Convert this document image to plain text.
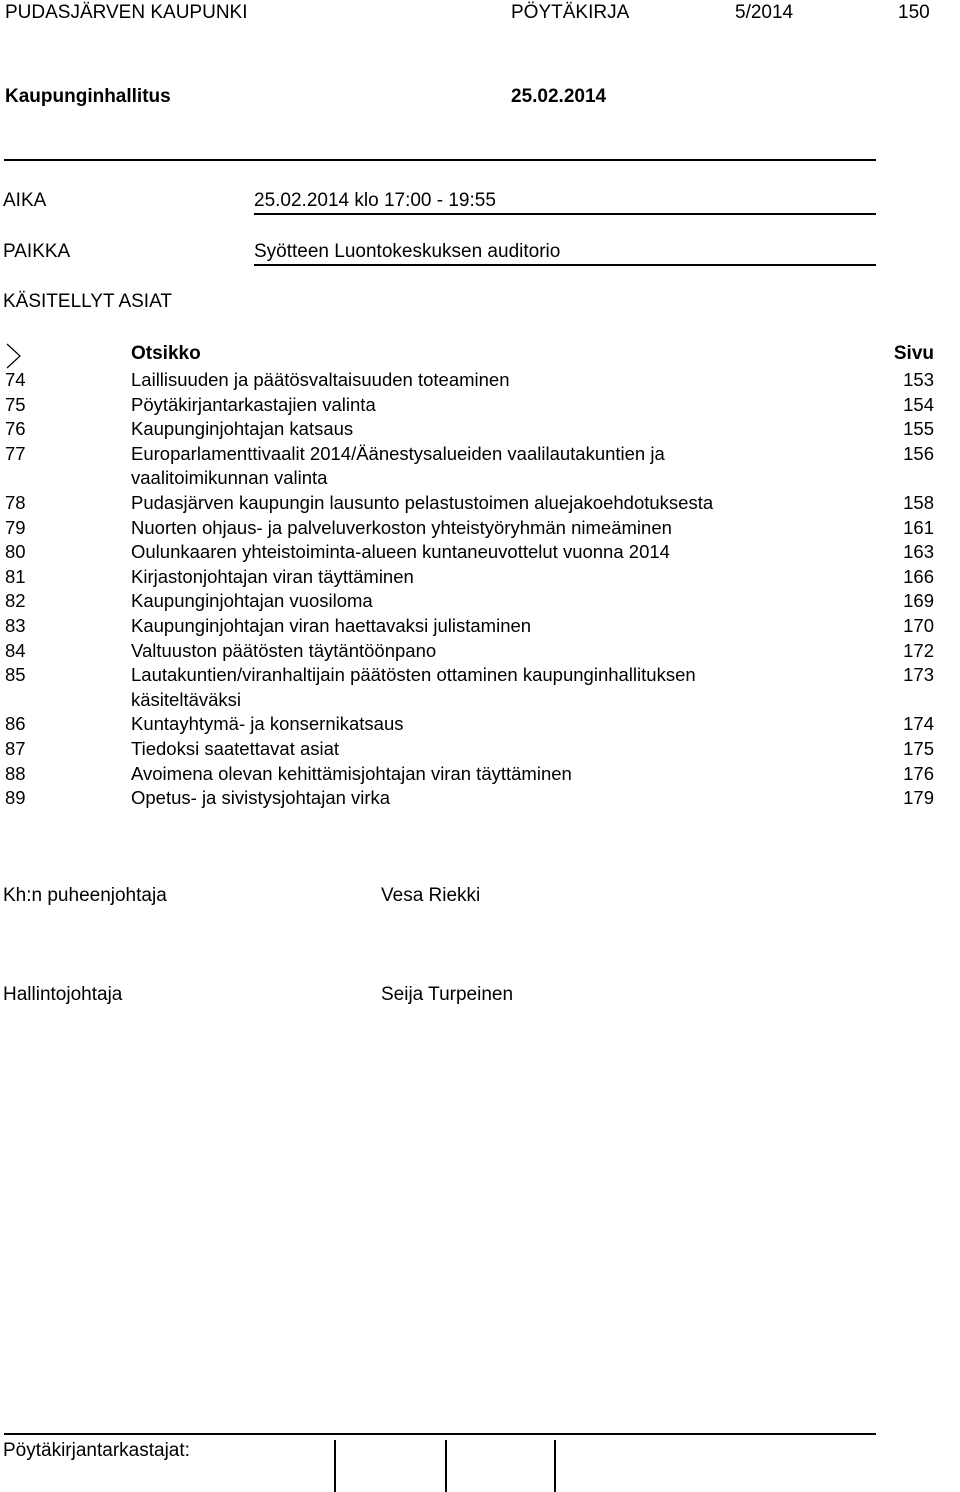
PUDASJÄRVEN KAUPUNKI	PÖYTÄKIRJA	5/2014	150
Kaupunginhallitus	25.02.2014
AIKA	25.02.2014 klo 17:00 - 19:55
PAIKKA	Syötteen Luontokeskuksen auditorio
KÄSITELLYT ASIAT
Otsikko	Sivu
74	Laillisuuden ja päätösvaltaisuuden toteaminen	153
75	Pöytäkirjantarkastajien valinta	154
76	Kaupunginjohtajan katsaus	155
77	Europarlamenttivaalit 2014/Äänestysalueiden vaalilautakuntien ja	156
vaalitoimikunnan valinta
78	Pudasjärven kaupungin lausunto pelastustoimen aluejakoehdotuksesta	158
79	Nuorten ohjaus- ja palveluverkoston yhteistyöryhmän nimeäminen	161
80	Oulunkaaren yhteistoiminta-alueen kuntaneuvottelut vuonna 2014	163
81	Kirjastonjohtajan viran täyttäminen	166
82	Kaupunginjohtajan vuosiloma	169
83	Kaupunginjohtajan viran haettavaksi julistaminen	170
84	Valtuuston päätösten täytäntöönpano	172
85	Lautakuntien/viranhaltijain päätösten ottaminen kaupunginhallituksen	173
käsiteltäväksi
86	Kuntayhtymä- ja konsernikatsaus	174
87	Tiedoksi saatettavat asiat	175
88	Avoimena olevan kehittämisjohtajan viran täyttäminen	176
89	Opetus- ja sivistysjohtajan virka	179
Kh:n puheenjohtaja	Vesa Riekki
Hallintojohtaja	Seija Turpeinen
Pöytäkirjantarkastajat:
